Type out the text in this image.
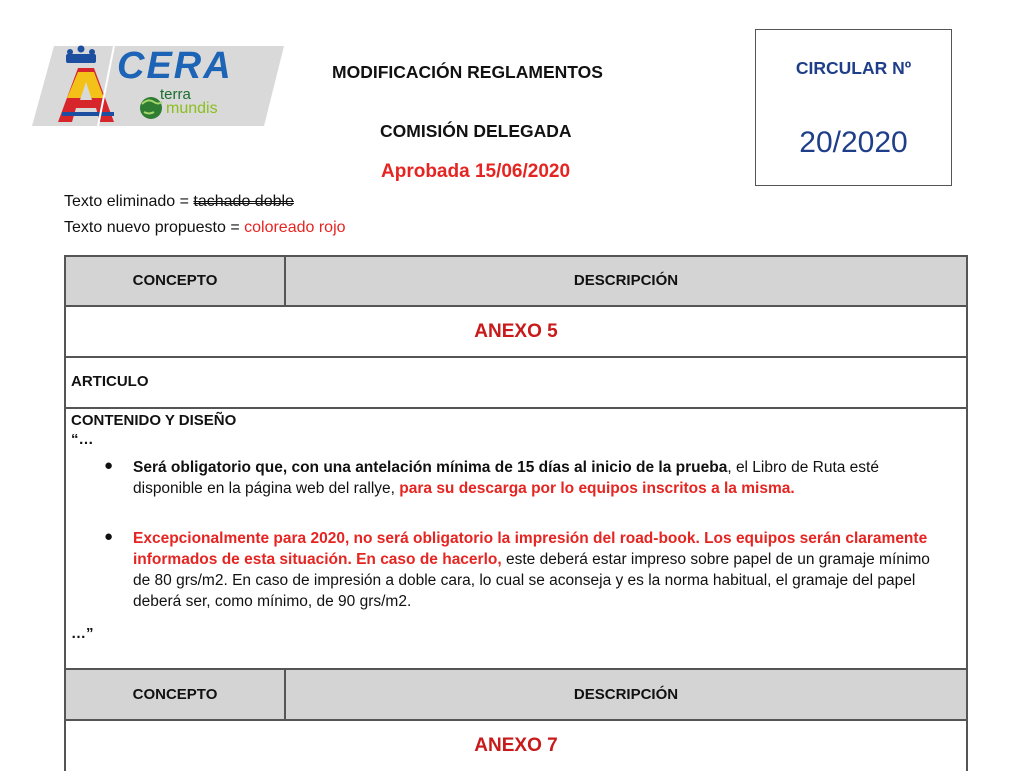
CERA
terra
mundis
MODIFICACIÓN REGLAMENTOS
COMISIÓN DELEGADA
Aprobada 15/06/2020
CIRCULAR Nº
20/2020
Texto eliminado = tachado doble
Texto nuevo propuesto = coloreado rojo
CONCEPTO	DESCRIPCIÓN
ANEXO 5
ARTICULO
CONTENIDO Y DISEÑO
“…
● Será obligatorio que, con una antelación mínima de 15 días al inicio de la prueba, el Libro de Ruta esté disponible en la página web del rallye, para su descarga por lo equipos inscritos a la misma.
● Excepcionalmente para 2020, no será obligatorio la impresión del road-book. Los equipos serán claramente informados de esta situación. En caso de hacerlo, este deberá estar impreso sobre papel de un gramaje mínimo de 80 grs/m2. En caso de impresión a doble cara, lo cual se aconseja y es la norma habitual, el gramaje del papel deberá ser, como mínimo, de 90 grs/m2.
…”
CONCEPTO	DESCRIPCIÓN
ANEXO 7
